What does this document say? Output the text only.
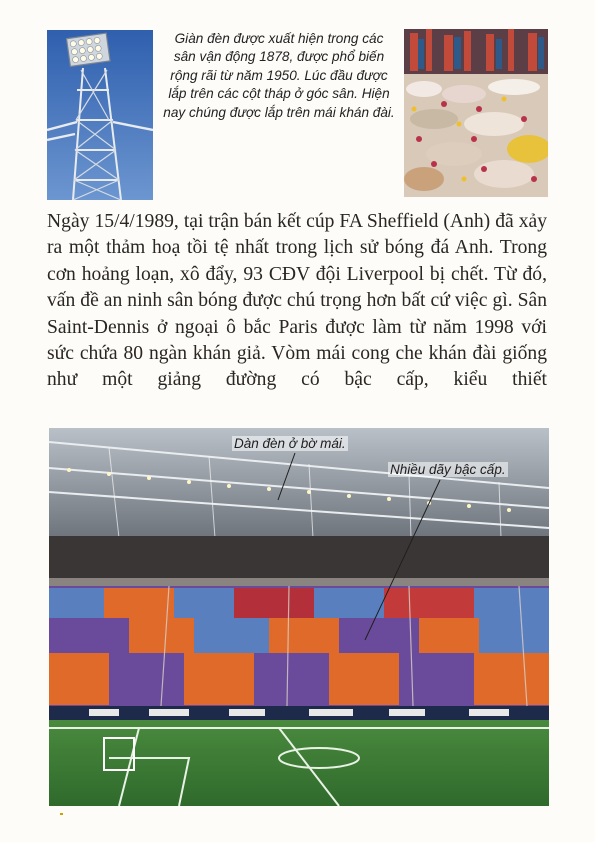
Giàn đèn được xuất hiện trong các sân vận động 1878, được phổ biến rộng rãi từ năm 1950. Lúc đầu được lắp trên các cột tháp ở góc sân. Hiện nay chúng được lắp trên mái khán đài.
Ngày 15/4/1989, tại trận bán kết cúp FA Sheffield (Anh) đã xảy ra một thảm hoạ tồi tệ nhất trong lịch sử bóng đá Anh. Trong cơn hoảng loạn, xô đẩy, 93 CĐV đội Liverpool bị chết. Từ đó, vấn đề an ninh sân bóng được chú trọng hơn bất cứ việc gì. Sân Saint-Dennis ở ngoại ô bắc Paris được làm từ năm 1998 với sức chứa 80 ngàn khán giả. Vòm mái cong che khán đài giống như một giảng đường có bậc cấp, kiểu thiết
Dàn đèn ở bờ mái.
Nhiều dãy bậc cấp.
